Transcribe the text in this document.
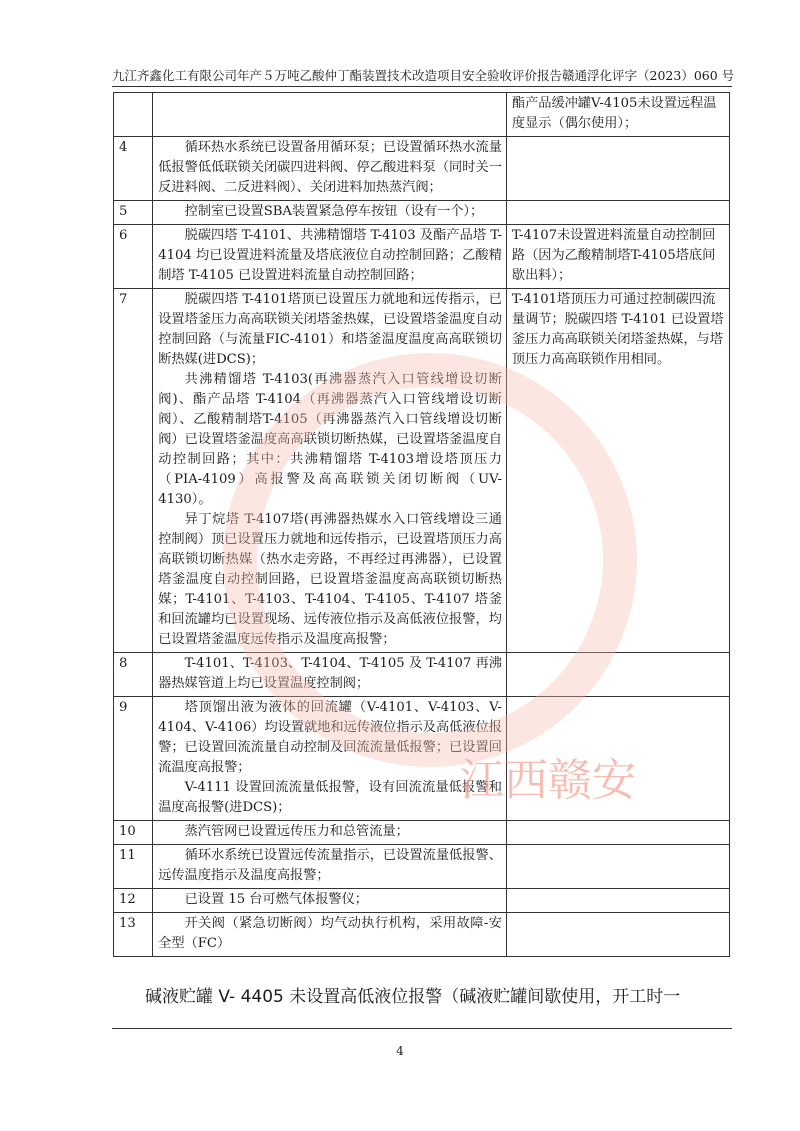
九江齐鑫化工有限公司年产５万吨乙酸仲丁酯装置技术改造项目安全验收评价报告 赣通浮化评字（2023）060 号

	酯产品缓冲罐V-4105未设置远程温度显示（偶尔使用）；
4	循环热水系统已设置备用循环泵；已设置循环热水流量低报警低低联锁关闭碳四进料阀、停乙酸进料泵（同时关一反进料阀、二反进料阀）、关闭进料加热蒸汽阀；	

5	控制室已设置SBA装置紧急停车按钮（设有一个）；	

6	脱碳四塔 T-4101、共沸精馏塔 T-4103 及酯产品塔 T-4104 均已设置进料流量及塔底液位自动控制回路；乙酸精制塔 T-4105 已设置进料流量自动控制回路；	T-4107未设置进料流量自动控制回路（因为乙酸精制塔T-4105塔底间歇出料）；
7	脱碳四塔 T-4101塔顶已设置压力就地和远传指示，已设置塔釜压力高高联锁关闭塔釜热媒，已设置塔釜温度自动控制回路（与流量FIC-4101）和塔釜温度温度高高联锁切断热媒(进DCS)；

共沸精馏塔 T-4103(再沸器蒸汽入口管线增设切断阀)、酯产品塔 T-4104（再沸器蒸汽入口管线增设切断阀）、乙酸精制塔T-4105（再沸器蒸汽入口管线增设切断阀）已设置塔釜温度高高联锁切断热媒，已设置塔釜温度自动控制回路；其中：共沸精馏塔 T-4103增设塔顶压力（PIA-4109）高报警及高高联锁关闭切断阀（UV-4130）。

异丁烷塔 T-4107塔(再沸器热媒水入口管线增设三通控制阀）顶已设置压力就地和远传指示，已设置塔顶压力高高联锁切断热媒（热水走旁路，不再经过再沸器），已设置塔釜温度自动控制回路，已设置塔釜温度高高联锁切断热媒；T-4101、T-4103、T-4104、T-4105、T-4107 塔釜和回流罐均已设置现场、远传液位指示及高低液位报警，均已设置塔釜温度远传指示及温度高报警；	T-4101塔顶压力可通过控制碳四流量调节；脱碳四塔 T-4101 已设置塔釜压力高高联锁关闭塔釜热媒，与塔顶压力高高联锁作用相同。
8	T-4101、T-4103、T-4104、T-4105 及 T-4107 再沸器热媒管道上均已设置温度控制阀；	

9	塔顶馏出液为液体的回流罐（V-4101、V-4103、V-4104、V-4106）均设置就地和远传液位指示及高低液位报警；已设置回流流量自动控制及回流流量低报警；已设置回流温度高报警；

V-4111 设置回流流量低报警，设有回流流量低报警和温度高报警(进DCS)；	

10	蒸汽管网已设置远传压力和总管流量；	

11	循环水系统已设置远传流量指示，已设置流量低报警、远传温度指示及温度高报警；	

12	已设置 15 台可燃气体报警仪；	

13	开关阀（紧急切断阀）均气动执行机构，采用故障-安全型（FC）	

碱液贮罐 V- 4405 未设置高低液位报警（碱液贮罐间歇使用，开工时一
4
江西赣安
